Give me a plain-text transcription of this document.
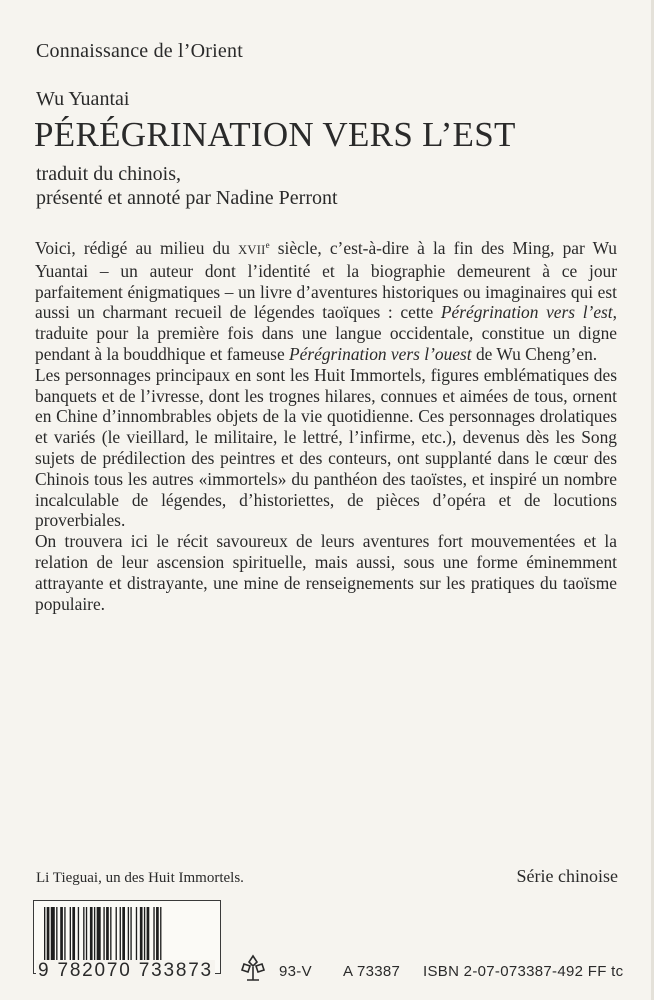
Connaissance de l’Orient
Wu Yuantai
PÉRÉGRINATION VERS L’EST
traduit du chinois,
présenté et annoté par Nadine Perront

Voici, rédigé au milieu du XVIIe siècle, c’est-à-dire à la fin des Ming, par Wu Yuantai – un auteur dont l’identité et la biographie demeurent à ce jour parfaitement énigmatiques – un livre d’aventures historiques ou imaginaires qui est aussi un charmant recueil de légendes taoïques : cette Pérégrination vers l’est, traduite pour la première fois dans une langue occidentale, constitue un digne pendant à la bouddhique et fameuse Pérégrination vers l’ouest de Wu Cheng’en.

Les personnages principaux en sont les Huit Immortels, figures emblématiques des banquets et de l’ivresse, dont les trognes hilares, connues et aimées de tous, ornent en Chine d’innombrables objets de la vie quotidienne. Ces personnages drolatiques et variés (le vieillard, le militaire, le lettré, l’infirme, etc.), devenus dès les Song sujets de prédilection des peintres et des conteurs, ont supplanté dans le cœur des Chinois tous les autres «immortels» du panthéon des taoïstes, et inspiré un nombre incalculable de légendes, d’historiettes, de pièces d’opéra et de locutions proverbiales.

On trouvera ici le récit savoureux de leurs aventures fort mouvementées et la relation de leur ascension spirituelle, mais aussi, sous une forme éminemment attrayante et distrayante, une mine de renseignements sur les pratiques du taoïsme populaire.

Li Tieguai, un des Huit Immortels.	Série chinoise
9 782070 733873	93-V A 73387 ISBN 2-07-073387-4 92 FF tc
